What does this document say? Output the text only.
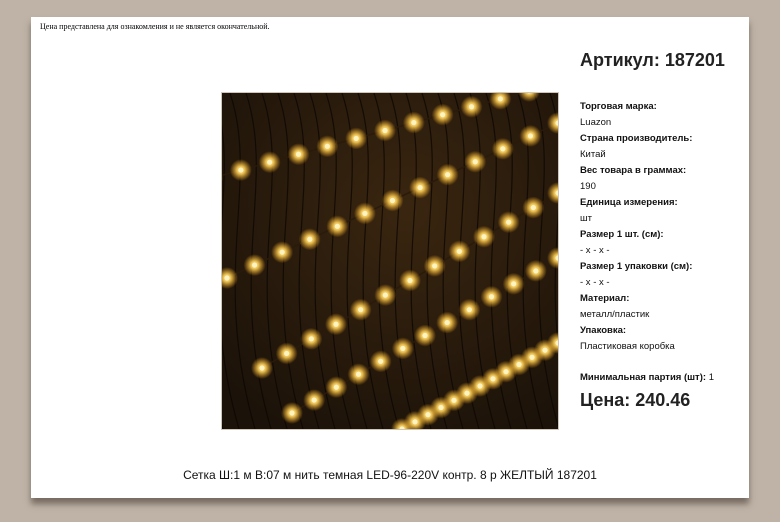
Цена представлена для ознакомления и не является окончательной.
Артикул: 187201
Торговая марка:
Luazon
Страна производитель:
Китай
Вес товара в граммах:
190
Единица измерения:
шт
Размер 1 шт. (см):
- x - x -
Размер 1 упаковки (см):
- x - x -
Материал:
металл/пластик
Упаковка:
Пластиковая коробка
Минимальная партия (шт): 1
Цена: 240.46
Сетка Ш:1 м В:07 м нить темная LED-96-220V контр. 8 р ЖЕЛТЫЙ 187201
